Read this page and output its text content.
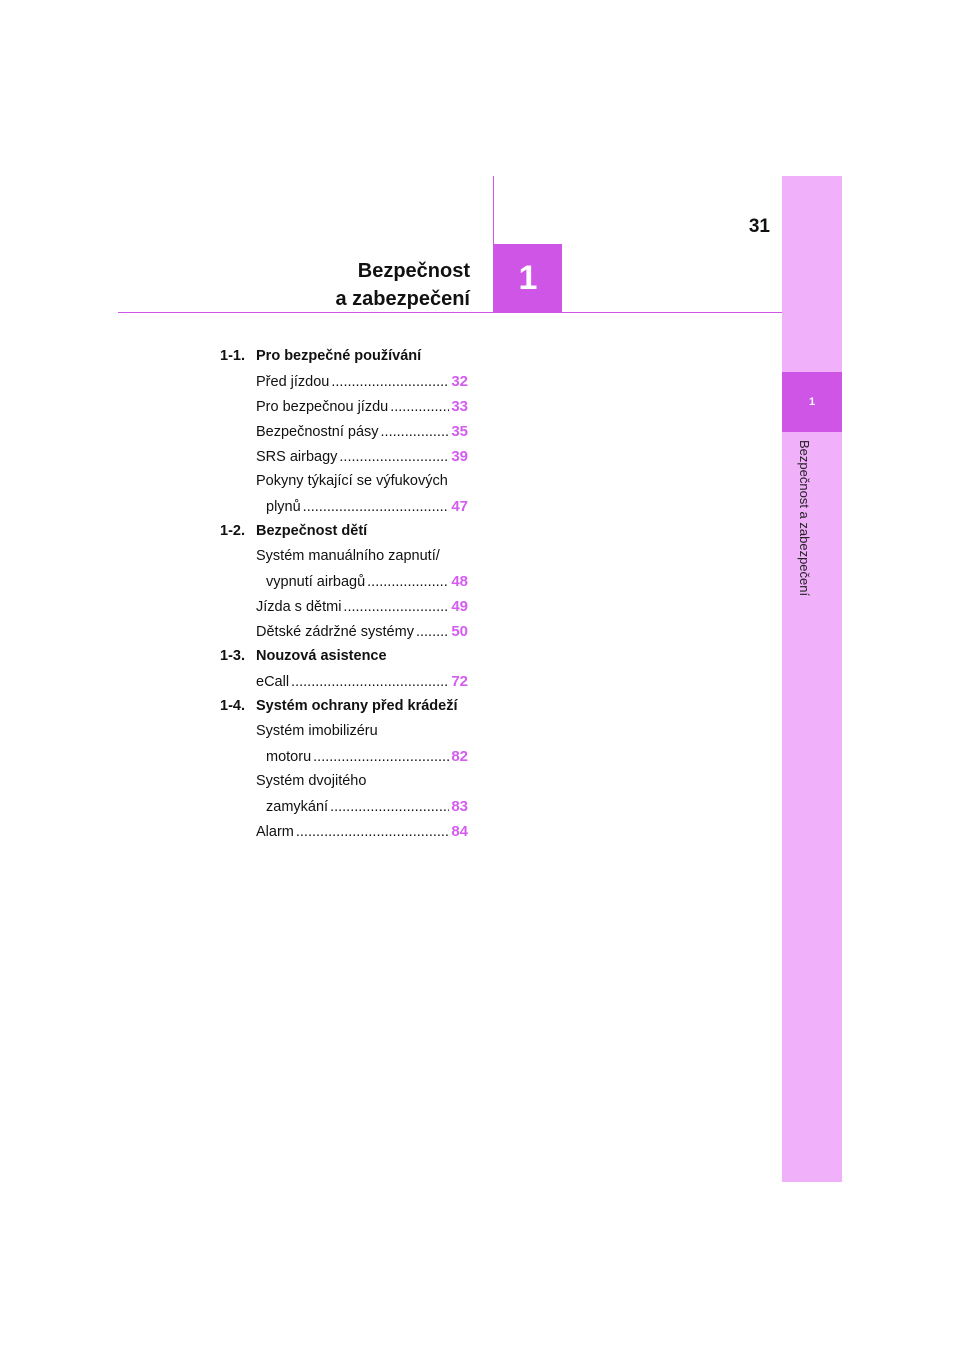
1
Bezpečnost a zabezpečení
31
1
Bezpečnost
a zabezpečení
1-1. Pro bezpečné používání
Před jízdou .....	32
Pro bezpečnou jízdu .....	33
Bezpečnostní pásy .....	35
SRS airbagy .....	39
Pokyny týkající se výfukových
plynů .....	47
1-2. Bezpečnost dětí
Systém manuálního zapnutí/
vypnutí airbagů .....	48
Jízda s dětmi .....	49
Dětské zádržné systémy ..... 50
1-3. Nouzová asistence
eCall .....	72
1-4. Systém ochrany před krádeží
Systém imobilizéru
motoru .....	82
Systém dvojitého
zamykání .....	83
Alarm .....	84
